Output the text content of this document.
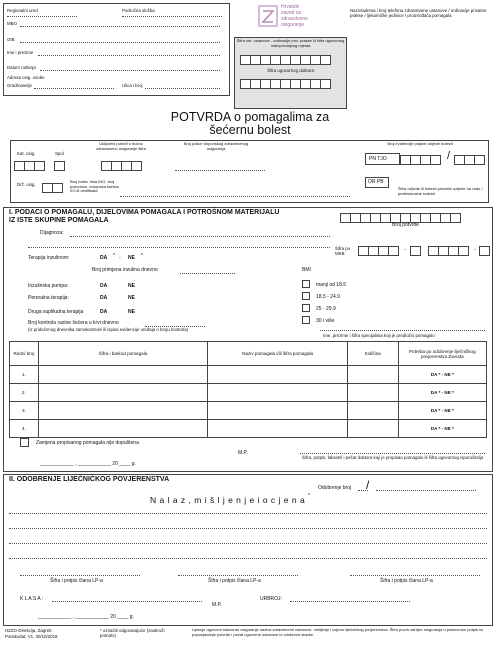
Regionalni ured	Područna služba
MBO
OIB
Ime i prezime
Datum rođenja
Adresa osig. osobe
Grad/naselje	Ulica i broj
Hrvatski
zavod za
zdravstveno
osiguranje
Šifra zdr. ustanove - ordinacije priv. prakse ili šifra ugovornog maloprodajnog mjesta
Šifra ugovornog doktora
Naziv/adresa i broj telefona zdravstvene ustanove / ordinacije privatne prakse / ljekarničke jedinice / proizvođača pomagala
POTVRDA o pomagalima za
šećernu bolest
Kat. osig.	Spol
Uključeni potvrđ o bučno zdravstveno osiguranje šifra
Broj police dopunskog zdravstvenog osiguranja
Broj evidencije prijave ozljede bolesti
PN TJO	/
OR PB
Drž. osig.
Broj boles. lista INO, broj putovnice, europska kartica ZO ili certifikata	Šifra ozljede ili bolesti priznate ozljede na radu / profesionalne bolesti
I. PODACI O POMAGALU, DIJELOVIMA POMAGALA I POTROŠNOM MATERIJALU
IZ ISTE SKUPINE POMAGALA
Broj potvrde
Dijagnoza:
Šifra po MKB
.	.
Terapija inzulinom:	DA * - NE *
Broj primjena inzulina dnevno	BMI
manji od 18.5
18.5 - 24.9
25 - 29.9
30 i više
Inzulinska pumpa:	DA	NE
Peroralna terapija:	DA	NE
Druga suplikatna terapija	DA	NE
Broj kontrola razine šećera u krvi dnevno
(iz pridočenog dnevnika samokontrole ili ispisa evidencije uređaja o broju kontrola)
Ime, prezime i šifra specijalista koji je predložio pomagalo
Redni broj	Šifra i barkod pomagala	Naziv pomagala i/ili šifra pomagala	Količina	Potreba po odobrenje liječničkog povjerenstva Zavoda
1.				DA * - NE *
2.				DA * - NE *
3.				DA * - NE *
4.				DA * - NE *
Zamjena propisanog pomagala nije dopuštena
M.P.
____________ , ____________ 20 ____ g.
Šifra, potpis, faksimil i pečat doktora koji je propisao pomagalo ili šifra ugovornog isporučitelja
II. ODOBRENJE LIJEČNIČKOG POVJERENSTVA
Odobrenje broj /
N a l a z , m i š l j e n j e i o c j e n a *
Šifra i potpis člana LP-a	Šifra i potpis člana LP-a	Šifra i potpis člana LP-a
K L A S A :
M.P.
URBROJ:
____________ , ____________ 20 ____ g.
HZZO-Direkcija, Zagreb
Potiskvdat, V1, 30/10/2019
* označiti odgovarajuće (zaokruži pomalo)
Upisuje ugovorni stacionar osiguranje naziva zdravstvene ustanove, mišljenje i ocjenu liječničkog povjerenstva. Šifra povrh zahtjev osiguranja u poslovnom potpis uz popunjavanje potvrde i pečat ugovorne ustanove iz odobrene stavke.
